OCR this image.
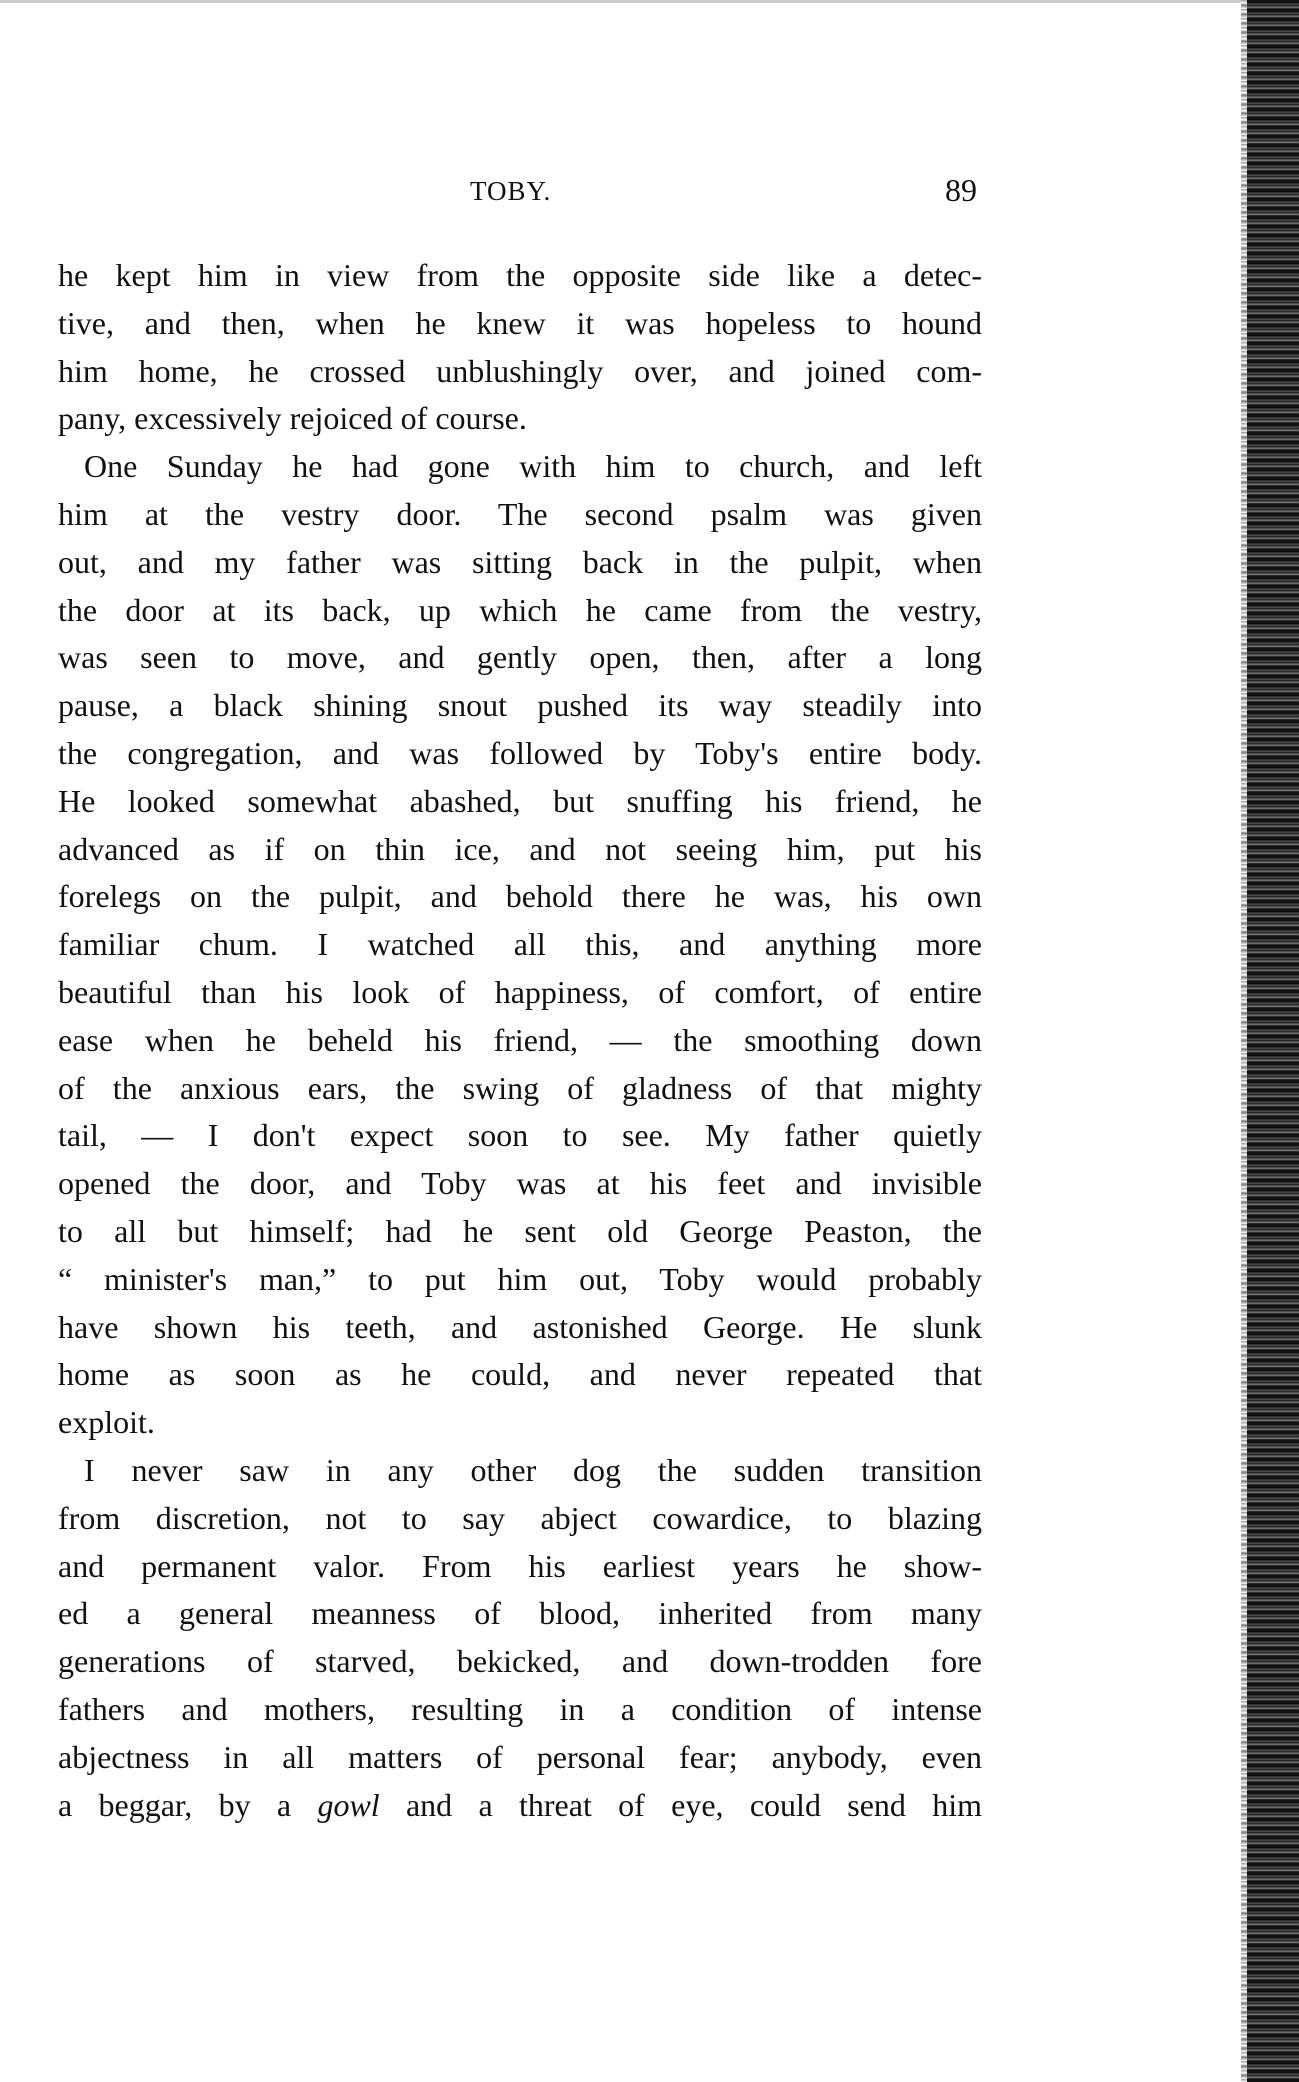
TOBY.	89
he kept him in view from the opposite side like a detec-
tive, and then, when he knew it was hopeless to hound
him home, he crossed unblushingly over, and joined com-
pany, excessively rejoiced of course.
One Sunday he had gone with him to church, and left
him at the vestry door. The second psalm was given
out, and my father was sitting back in the pulpit, when
the door at its back, up which he came from the vestry,
was seen to move, and gently open, then, after a long
pause, a black shining snout pushed its way steadily into
the congregation, and was followed by Toby's entire body.
He looked somewhat abashed, but snuffing his friend, he
advanced as if on thin ice, and not seeing him, put his
forelegs on the pulpit, and behold there he was, his own
familiar chum. I watched all this, and anything more
beautiful than his look of happiness, of comfort, of entire
ease when he beheld his friend, — the smoothing down
of the anxious ears, the swing of gladness of that mighty
tail, — I don't expect soon to see. My father quietly
opened the door, and Toby was at his feet and invisible
to all but himself; had he sent old George Peaston, the
“ minister's man,” to put him out, Toby would probably
have shown his teeth, and astonished George. He slunk
home as soon as he could, and never repeated that
exploit.
I never saw in any other dog the sudden transition
from discretion, not to say abject cowardice, to blazing
and permanent valor. From his earliest years he show-
ed a general meanness of blood, inherited from many
generations of starved, bekicked, and down-trodden fore
fathers and mothers, resulting in a condition of intense
abjectness in all matters of personal fear; anybody, even
a beggar, by a gowl and a threat of eye, could send him
